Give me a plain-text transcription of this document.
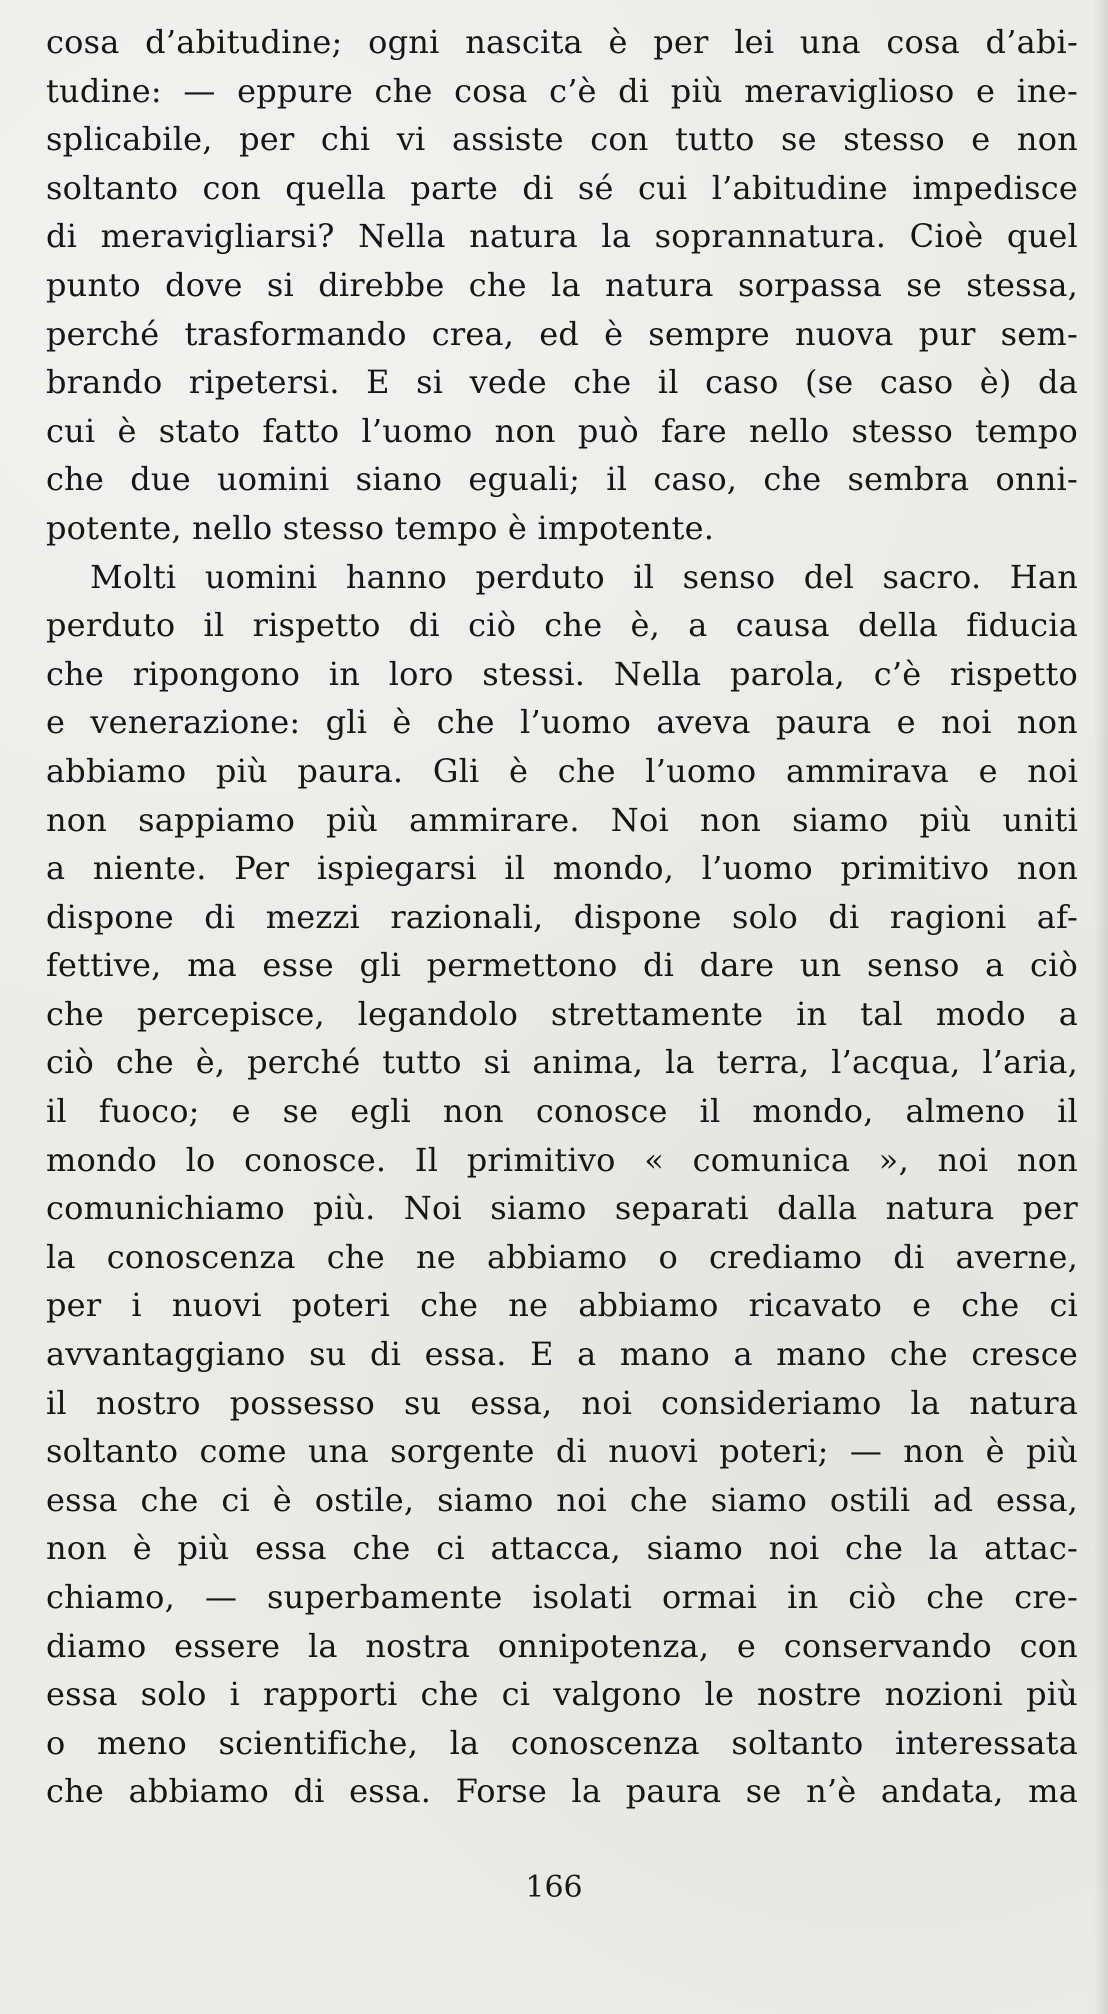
cosa d’abitudine; ogni nascita è per lei una cosa d’abi-
tudine: — eppure che cosa c’è di più meraviglioso e ine-
splicabile, per chi vi assiste con tutto se stesso e non
soltanto con quella parte di sé cui l’abitudine impedisce
di meravigliarsi? Nella natura la soprannatura. Cioè quel
punto dove si direbbe che la natura sorpassa se stessa,
perché trasformando crea, ed è sempre nuova pur sem-
brando ripetersi. E si vede che il caso (se caso è) da
cui è stato fatto l’uomo non può fare nello stesso tempo
che due uomini siano eguali; il caso, che sembra onni-
potente, nello stesso tempo è impotente.
Molti uomini hanno perduto il senso del sacro. Han
perduto il rispetto di ciò che è, a causa della fiducia
che ripongono in loro stessi. Nella parola, c’è rispetto
e venerazione: gli è che l’uomo aveva paura e noi non
abbiamo più paura. Gli è che l’uomo ammirava e noi
non sappiamo più ammirare. Noi non siamo più uniti
a niente. Per ispiegarsi il mondo, l’uomo primitivo non
dispone di mezzi razionali, dispone solo di ragioni af-
fettive, ma esse gli permettono di dare un senso a ciò
che percepisce, legandolo strettamente in tal modo a
ciò che è, perché tutto si anima, la terra, l’acqua, l’aria,
il fuoco; e se egli non conosce il mondo, almeno il
mondo lo conosce. Il primitivo « comunica », noi non
comunichiamo più. Noi siamo separati dalla natura per
la conoscenza che ne abbiamo o crediamo di averne,
per i nuovi poteri che ne abbiamo ricavato e che ci
avvantaggiano su di essa. E a mano a mano che cresce
il nostro possesso su essa, noi consideriamo la natura
soltanto come una sorgente di nuovi poteri; — non è più
essa che ci è ostile, siamo noi che siamo ostili ad essa,
non è più essa che ci attacca, siamo noi che la attac-
chiamo, — superbamente isolati ormai in ciò che cre-
diamo essere la nostra onnipotenza, e conservando con
essa solo i rapporti che ci valgono le nostre nozioni più
o meno scientifiche, la conoscenza soltanto interessata
che abbiamo di essa. Forse la paura se n’è andata, ma
166
